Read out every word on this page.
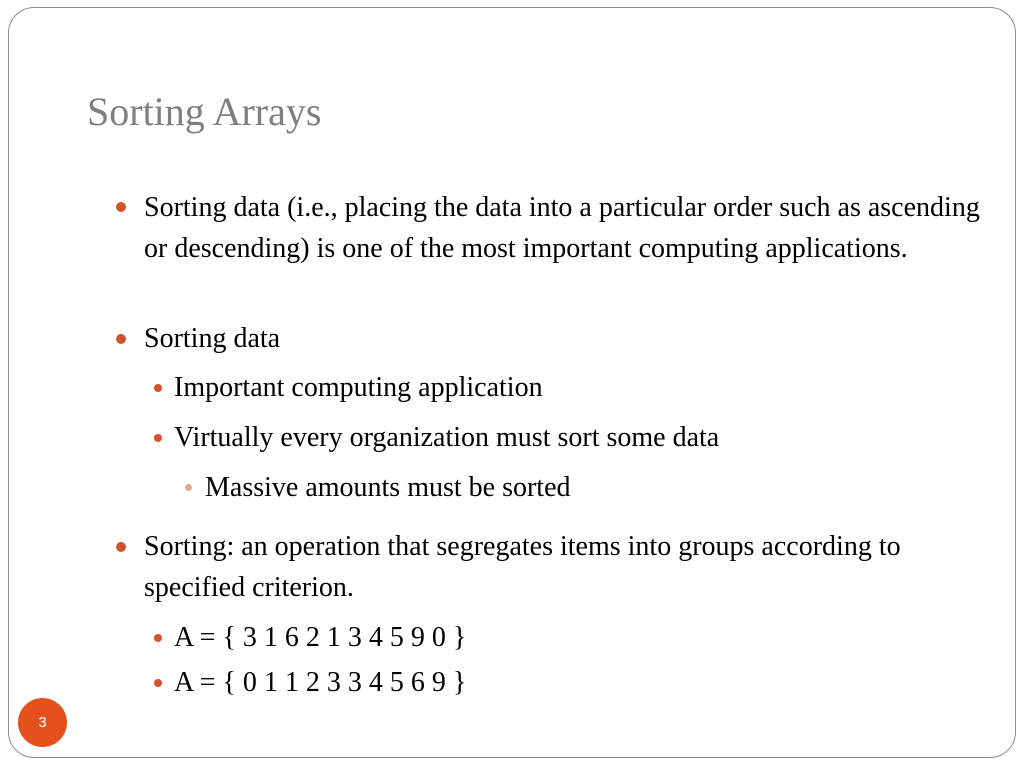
Sorting Arrays
Sorting data (i.e., placing the data into a particular order such as ascending or descending) is one of the most important computing applications.
Sorting data
Important computing application
Virtually every organization must sort some data
Massive amounts must be sorted
Sorting: an operation that segregates items into groups according to specified criterion.
A = { 3 1 6 2 1 3 4 5 9 0 }
A = { 0 1 1 2 3 3 4 5 6 9 }
3
